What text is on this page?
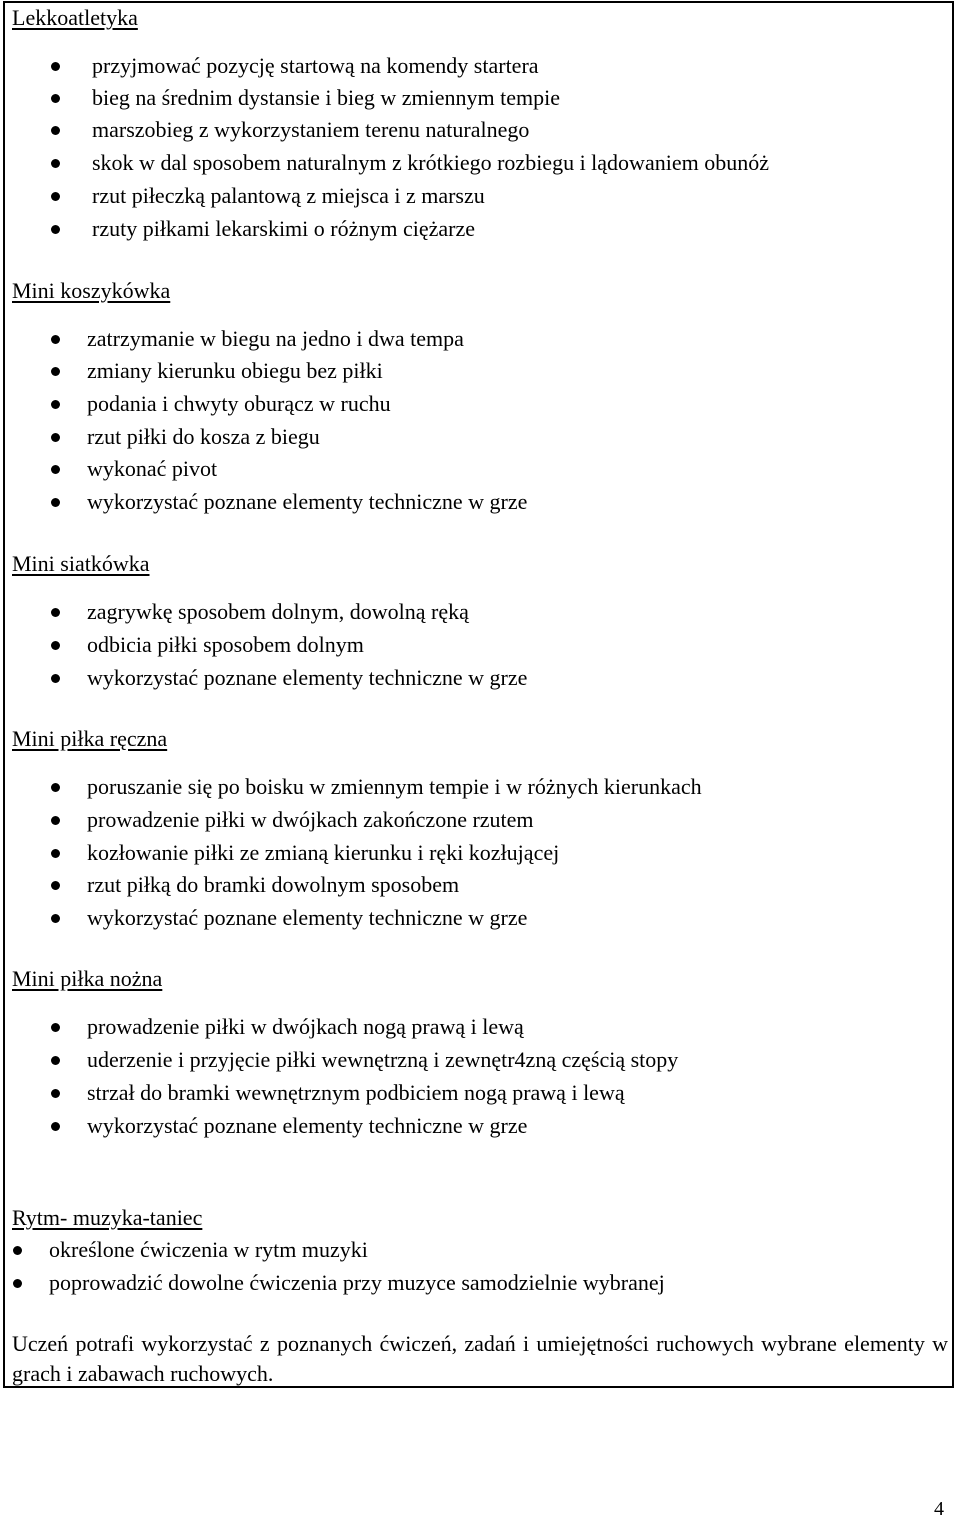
Lekkoatletyka
przyjmować pozycję startową na komendy startera
bieg na średnim dystansie i bieg w zmiennym tempie
marszobieg z wykorzystaniem terenu naturalnego
skok w dal sposobem naturalnym z krótkiego rozbiegu i lądowaniem obunóż
rzut piłeczką palantową z miejsca i z marszu
rzuty piłkami lekarskimi o różnym ciężarze
Mini koszykówka
zatrzymanie w biegu na jedno i dwa tempa
zmiany kierunku obiegu bez piłki
podania i chwyty oburącz w ruchu
rzut piłki do kosza z biegu
wykonać pivot
wykorzystać poznane elementy techniczne w grze
Mini siatkówka
zagrywkę sposobem dolnym, dowolną ręką
odbicia piłki sposobem dolnym
wykorzystać poznane elementy techniczne w grze
Mini piłka ręczna
poruszanie się po boisku w zmiennym tempie i w różnych kierunkach
prowadzenie piłki w dwójkach zakończone rzutem
kozłowanie piłki ze zmianą kierunku i ręki kozłującej
rzut piłką do bramki dowolnym sposobem
wykorzystać poznane elementy techniczne w grze
Mini piłka nożna
prowadzenie piłki w dwójkach nogą prawą i lewą
uderzenie i przyjęcie piłki wewnętrzną i zewnętr4zną częścią stopy
strzał do bramki wewnętrznym podbiciem nogą prawą i lewą
wykorzystać poznane elementy techniczne w grze
Rytm- muzyka-taniec
określone ćwiczenia w rytm muzyki
poprowadzić dowolne ćwiczenia przy muzyce samodzielnie wybranej
Uczeń potrafi wykorzystać z poznanych ćwiczeń, zadań i umiejętności ruchowych wybrane elementy w grach i zabawach ruchowych.
4
